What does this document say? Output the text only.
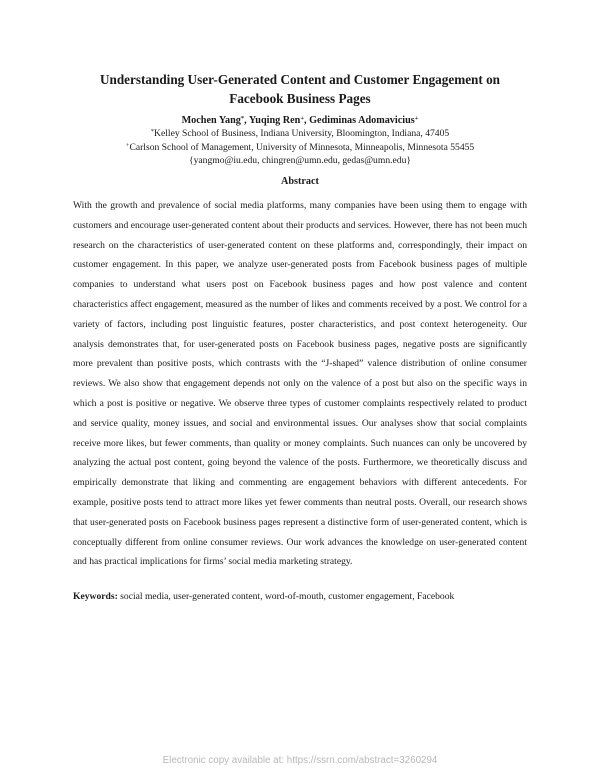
Understanding User-Generated Content and Customer Engagement on
Facebook Business Pages
Mochen Yang*, Yuqing Ren+, Gediminas Adomavicius+
*Kelley School of Business, Indiana University, Bloomington, Indiana, 47405
+Carlson School of Management, University of Minnesota, Minneapolis, Minnesota 55455
{yangmo@iu.edu, chingren@umn.edu, gedas@umn.edu}
Abstract

With the growth and prevalence of social media platforms, many companies have been using them to engage with customers and encourage user-generated content about their products and services. However, there has not been much research on the characteristics of user-generated content on these platforms and, correspondingly, their impact on customer engagement. In this paper, we analyze user-generated posts from Facebook business pages of multiple companies to understand what users post on Facebook business pages and how post valence and content characteristics affect engagement, measured as the number of likes and comments received by a post. We control for a variety of factors, including post linguistic features, poster characteristics, and post context heterogeneity. Our analysis demonstrates that, for user-generated posts on Facebook business pages, negative posts are significantly more prevalent than positive posts, which contrasts with the “J-shaped” valence distribution of online consumer reviews. We also show that engagement depends not only on the valence of a post but also on the specific ways in which a post is positive or negative. We observe three types of customer complaints respectively related to product and service quality, money issues, and social and environmental issues. Our analyses show that social complaints receive more likes, but fewer comments, than quality or money complaints. Such nuances can only be uncovered by analyzing the actual post content, going beyond the valence of the posts. Furthermore, we theoretically discuss and empirically demonstrate that liking and commenting are engagement behaviors with different antecedents. For example, positive posts tend to attract more likes yet fewer comments than neutral posts. Overall, our research shows that user-generated posts on Facebook business pages represent a distinctive form of user-generated content, which is conceptually different from online consumer reviews. Our work advances the knowledge on user-generated content and has practical implications for firms’ social media marketing strategy.

Keywords: social media, user-generated content, word-of-mouth, customer engagement, Facebook

Electronic copy available at: https://ssrn.com/abstract=3260294
